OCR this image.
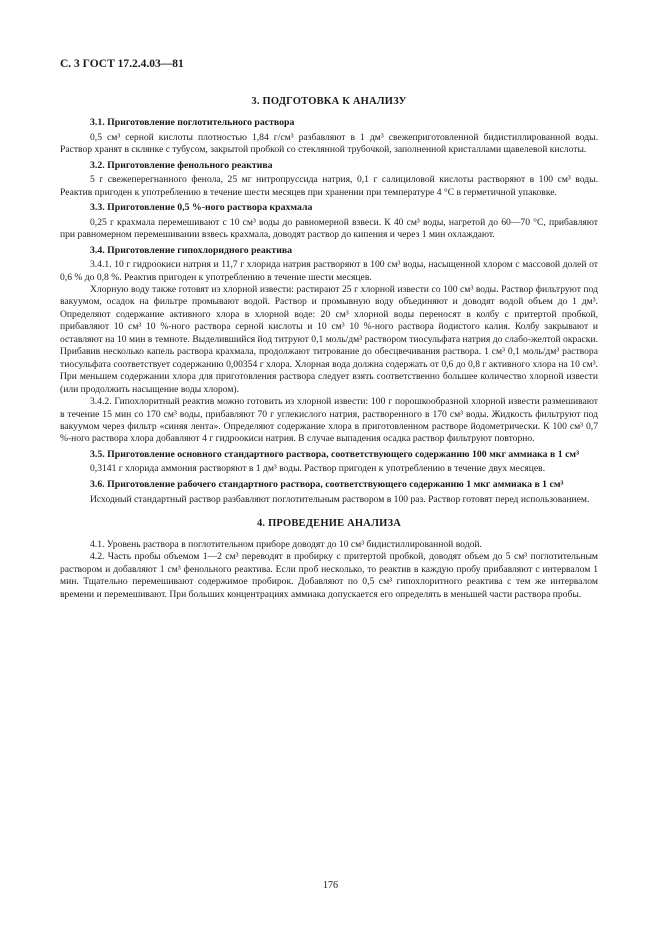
С. 3 ГОСТ 17.2.4.03—81
3. ПОДГОТОВКА К АНАЛИЗУ
3.1. Приготовление поглотительного раствора

0,5 см³ серной кислоты плотностью 1,84 г/см³ разбавляют в 1 дм³ свежеприготовленной бидистиллированной воды. Раствор хранят в склянке с тубусом, закрытой пробкой со стеклянной трубочкой, заполненной кристаллами щавелевой кислоты.

3.2. Приготовление фенольного реактива

5 г свежеперегнанного фенола, 25 мг нитропруссида натрия, 0,1 г салициловой кислоты растворяют в 100 см³ воды. Реактив пригоден к употреблению в течение шести месяцев при хранении при температуре 4 °С в герметичной упаковке.

3.3. Приготовление 0,5 %-ного раствора крахмала

0,25 г крахмала перемешивают с 10 см³ воды до равномерной взвеси. К 40 см³ воды, нагретой до 60—70 °С, прибавляют при равномерном перемешивании взвесь крахмала, доводят раствор до кипения и через 1 мин охлаждают.

3.4. Приготовление гипохлоридного реактива

3.4.1. 10 г гидроокиси натрия и 11,7 г хлорида натрия растворяют в 100 см³ воды, насыщенной хлором с массовой долей от 0,6 % до 0,8 %. Реактив пригоден к употреблению в течение шести месяцев.

Хлорную воду также готовят из хлорной извести: растирают 25 г хлорной извести со 100 см³ воды. Раствор фильтруют под вакуумом, осадок на фильтре промывают водой. Раствор и промывную воду объединяют и доводят водой объем до 1 дм³. Определяют содержание активного хлора в хлорной воде: 20 см³ хлорной воды переносят в колбу с притертой пробкой, прибавляют 10 см³ 10 %-ного раствора серной кислоты и 10 см³ 10 %-ного раствора йодистого калия. Колбу закрывают и оставляют на 10 мин в темноте. Выделившийся йод титруют 0,1 моль/дм³ раствором тиосульфата натрия до слабо-желтой окраски. Прибавив несколько капель раствора крахмала, продолжают титрование до обесцвечивания раствора. 1 см³ 0,1 моль/дм³ раствора тиосульфата соответствует содержанию 0,00354 г хлора. Хлорная вода должна содержать от 0,6 до 0,8 г активного хлора на 10 см³. При меньшем содержании хлора для приготовления раствора следует взять соответственно большее количество хлорной извести (или продолжить насыщение воды хлором).

3.4.2. Гипохлоритный реактив можно готовить из хлорной извести: 100 г порошкообразной хлорной извести размешивают в течение 15 мин со 170 см³ воды, прибавляют 70 г углекислого натрия, растворенного в 170 см³ воды. Жидкость фильтруют под вакуумом через фильтр «синяя лента». Определяют содержание хлора в приготовленном растворе йодометрически. К 100 см³ 0,7 %-ного раствора хлора добавляют 4 г гидроокиси натрия. В случае выпадения осадка раствор фильтруют повторно.

3.5. Приготовление основного стандартного раствора, соответствующего содержанию 100 мкг аммиака в 1 см³

0,3141 г хлорида аммония растворяют в 1 дм³ воды. Раствор пригоден к употреблению в течение двух месяцев.

3.6. Приготовление рабочего стандартного раствора, соответствующего содержанию 1 мкг аммиака в 1 см³

Исходный стандартный раствор разбавляют поглотительным раствором в 100 раз. Раствор готовят перед использованием.

4. ПРОВЕДЕНИЕ АНАЛИЗА

4.1. Уровень раствора в поглотительном приборе доводят до 10 см³ бидистиллированной водой.

4.2. Часть пробы объемом 1—2 см³ переводят в пробирку с притертой пробкой, доводят объем до 5 см³ поглотительным раствором и добавляют 1 см³ фенольного реактива. Если проб несколько, то реактив в каждую пробу прибавляют с интервалом 1 мин. Тщательно перемешивают содержимое пробирок. Добавляют по 0,5 см³ гипохлоритного реактива с тем же интервалом времени и перемешивают. При больших концентрациях аммиака допускается его определять в меньшей части раствора пробы.

176
